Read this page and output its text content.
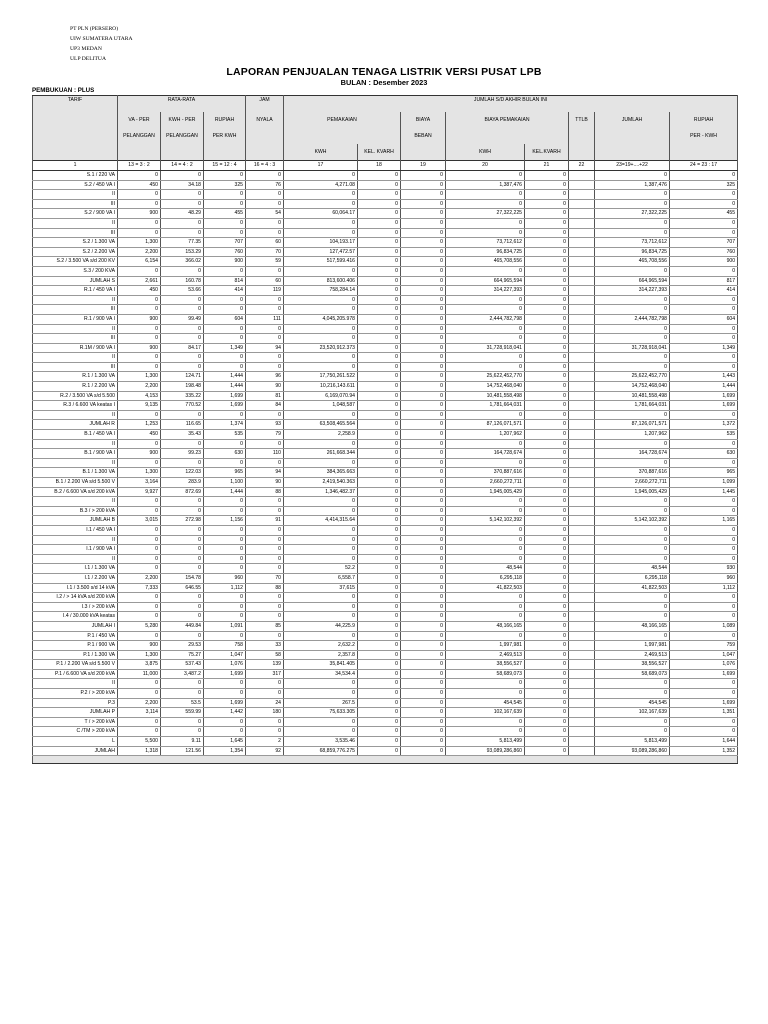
PT PLN (PERSERO)
UIW SUMATERA UTARA
UP3 MEDAN
ULP DELITUA
LAPORAN PENJUALAN TENAGA LISTRIK VERSI PUSAT LPB
BULAN : Desember 2023
PEMBUKUAN : PLUS
TARIF	RATA-RATA			JAM	JUMLAH S/D AKHIR BULAN INI							
	VA - PER	KWH - PER	RUPIAH	NYALA	PEMAKAIAN		BIAYA	BIAYA PEMAKAIAN		TTLB	JUMLAH	RUPIAH
	PELANGGAN	PELANGGAN	PER KWH				BEBAN					PER - KWH
					KWH	KEL. KVARH		KWH	KEL.KVARH			
1	13 = 3 : 2	14 = 4 : 2	15 = 12 : 4	16 = 4 : 3	17	18	19	20	21	22	23=19+....+22	24 = 23 : 17
S.1 / 220 VA	0	0	0	0	0	0	0	0	0		0	0
S.2 / 450 VA I	450	34.18	325	76	4,271.08	0	0	1,387,476	0		1,387,476	325
II	0	0	0	0	0	0	0	0	0		0	0
III	0	0	0	0	0	0	0	0	0		0	0
S.2 / 900 VA I	900	48.29	455	54	60,064.17	0	0	27,322,225	0		27,322,225	455
II	0	0	0	0	0	0	0	0	0		0	0
III	0	0	0	0	0	0	0	0	0		0	0
S.2 / 1.300 VA	1,300	77.35	707	60	104,193.17	0	0	73,712,612	0		73,712,612	707
S.2 / 2.200 VA	2,200	153.29	760	70	127,472.57	0	0	96,834,725	0		96,834,725	760
S.2 / 3.500 VA s/d 200 KV	6,154	366.02	900	59	517,599.416	0	0	465,708,556	0		465,708,556	900
S.3 / 200 KVA	0	0	0	0	0	0	0	0	0		0	0
JUMLAH S	2,661	160.78	814	60	813,600.406	0	0	664,965,594	0		664,965,594	817
R.1 / 450 VA I	450	53.66	414	119	758,284.14	0	0	314,227,393	0		314,227,393	414
II	0	0	0	0	0	0	0	0	0		0	0
III	0	0	0	0	0	0	0	0	0		0	0
R.1 / 900 VA I	900	99.49	604	111	4,045,205.978	0	0	2,444,782,798	0		2,444,782,798	604
II	0	0	0	0	0	0	0	0	0		0	0
III	0	0	0	0	0	0	0	0	0		0	0
R.1M / 900 VA I	900	84.17	1,349	94	23,520,912.373	0	0	31,728,918,041	0		31,728,918,041	1,349
II	0	0	0	0	0	0	0	0	0		0	0
III	0	0	0	0	0	0	0	0	0		0	0
R.1 / 1.300 VA	1,300	124.71	1,444	96	17,750,261.522	0	0	25,622,452,770	0		25,622,452,770	1,443
R.1 / 2.200 VA	2,200	198.48	1,444	90	10,216,143.611	0	0	14,752,468,040	0		14,752,468,040	1,444
R.2 / 3.500 VA s/d 5.500	4,153	335.22	1,699	81	6,169,070.94	0	0	10,481,558,498	0		10,481,558,498	1,699
R.3 / 6.600 VA keatas I	9,135	770.52	1,699	84	1,048,587	0	0	1,781,664,031	0		1,781,664,031	1,699
II	0	0	0	0	0	0	0	0	0		0	0
JUMLAH R	1,253	116.65	1,374	93	63,508,465.564	0	0	87,126,071,571	0		87,126,071,571	1,372
B.1 / 450 VA I	450	35.43	535	79	2,258.9	0	0	1,207,962	0		1,207,962	535
II	0	0	0	0	0	0	0	0	0		0	0
B.1 / 900 VA I	900	99.23	630	110	261,668.344	0	0	164,728,674	0		164,728,674	630
II	0	0	0	0	0	0	0	0	0		0	0
B.1 / 1.300 VA	1,300	122.03	965	94	384,365.663	0	0	370,887,616	0		370,887,616	965
B.1 / 2.200 VA s/d 5.500 V	3,164	283.9	1,100	90	2,419,540.363	0	0	2,660,272,711	0		2,660,272,711	1,099
B.2 / 6.600 VA s/d 200 kVA	9,927	872.69	1,444	88	1,346,482.37	0	0	1,945,005,429	0		1,945,005,429	1,445
II	0	0	0	0	0	0	0	0	0		0	0
B.3 / > 200 kVA	0	0	0	0	0	0	0	0	0		0	0
JUMLAH B	3,015	272.98	1,156	91	4,414,315.64	0	0	5,142,102,392	0		5,142,102,392	1,165
I.1 / 450 VA I	0	0	0	0	0	0	0	0	0		0	0
II	0	0	0	0	0	0	0	0	0		0	0
I.1 / 900 VA I	0	0	0	0	0	0	0	0	0		0	0
II	0	0	0	0	0	0	0	0	0		0	0
I.1 / 1.300 VA	0	0	0	0	52.2	0	0	48,544	0		48,544	930
I.1 / 2.200 VA	2,200	154.78	960	70	6,558.7	0	0	6,295,118	0		6,295,118	960
I.1 / 3.500 s/d 14 kVA	7,333	646.55	1,112	88	37,615	0	0	41,822,503	0		41,822,503	1,112
I.2 / > 14 kVA s/d 200 kVA	0	0	0	0	0	0	0	0	0		0	0
I.3 / > 200 kVA	0	0	0	0	0	0	0	0	0		0	0
I.4 / 30.000 kVA keatas	0	0	0	0	0	0	0	0	0		0	0
JUMLAH I	5,280	449.84	1,091	85	44,225.9	0	0	48,166,165	0		48,166,165	1,089
P.1 / 450 VA	0	0	0	0	0	0	0	0	0		0	0
P.1 / 900 VA	900	29.53	758	33	2,632.2	0	0	1,997,981	0		1,997,981	759
P.1 / 1.300 VA	1,300	75.27	1,047	58	2,357.8	0	0	2,469,513	0		2,469,513	1,047
P.1 / 2.200 VA s/d 5.500 V	3,875	537.43	1,076	139	35,841.405	0	0	38,556,527	0		38,556,527	1,076
P.1 / 6.600 VA s/d 200 kVA	11,000	3,487.2	1,699	317	34,534.4	0	0	58,689,073	0		58,689,073	1,699
II	0	0	0	0	0	0	0	0	0		0	0
P.2 / > 200 kVA	0	0	0	0	0	0	0	0	0		0	0
P.3	2,200	53.5	1,699	24	267.5	0	0	454,545	0		454,545	1,699
JUMLAH P	3,114	559.99	1,442	180	75,633.305	0	0	102,167,639	0		102,167,639	1,351
T / > 200 kVA	0	0	0	0	0	0	0	0	0		0	0
C /TM > 200 kVA	0	0	0	0	0	0	0	0	0		0	0
L	5,500	9.11	1,645	2	3,535.46	0	0	5,813,499	0		5,813,499	1,644
JUMLAH	1,318	121.56	1,354	92	68,859,776.275	0	0	93,089,286,860	0		93,089,286,860	1,352
